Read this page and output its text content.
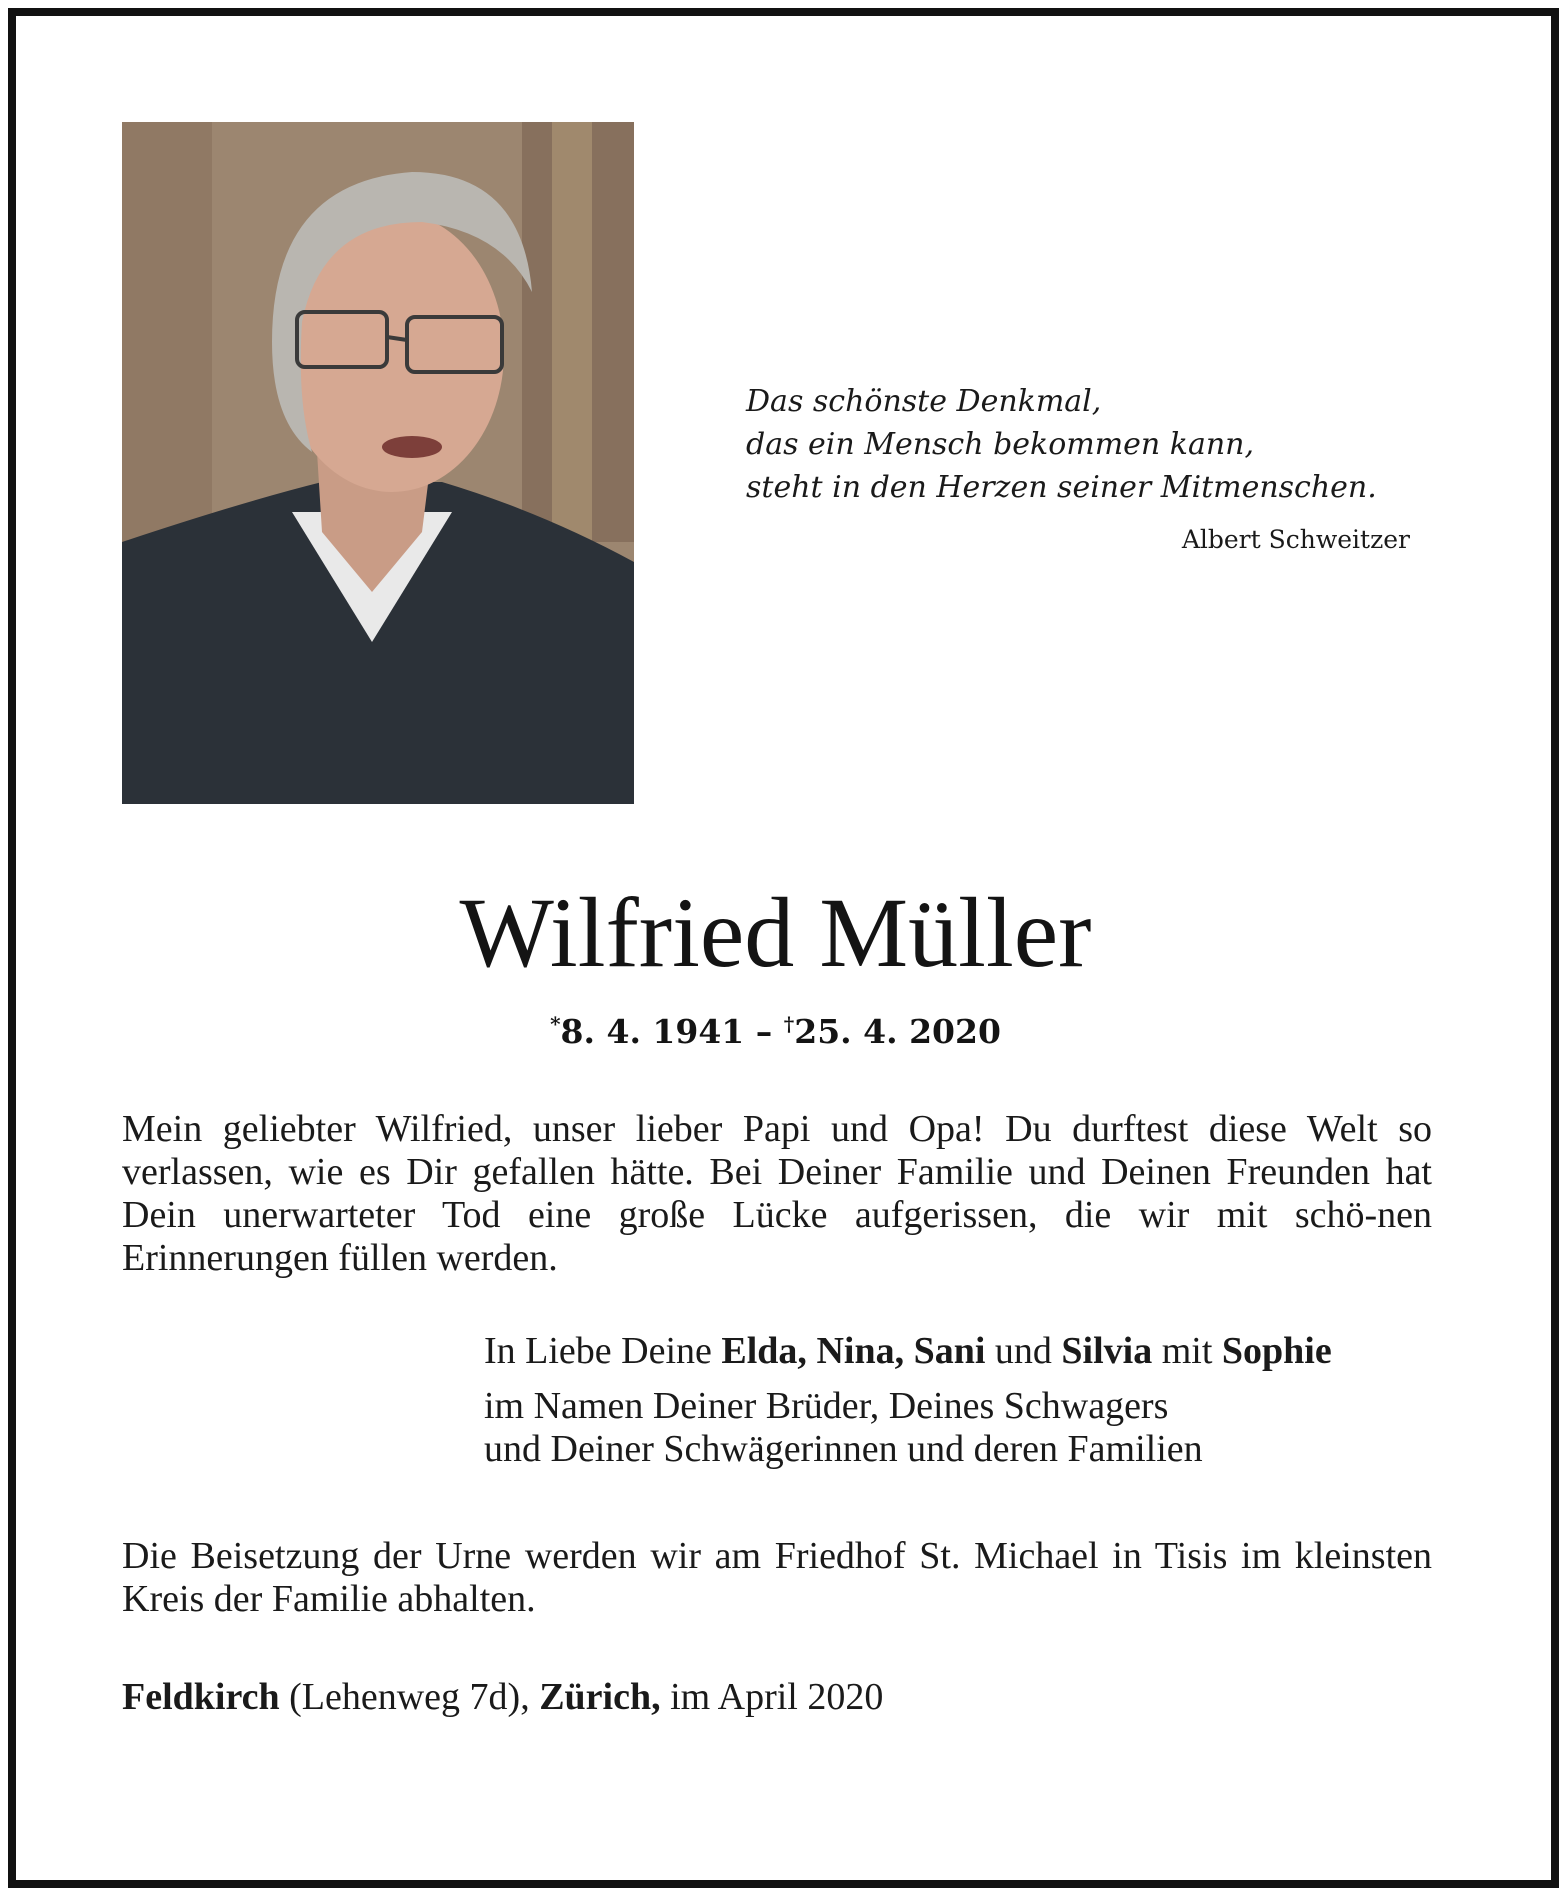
Das schönste Denkmal,
das ein Mensch bekommen kann,
steht in den Herzen seiner Mitmenschen.
Albert Schweitzer
Wilfried Müller
*8. 4. 1941 – †25. 4. 2020
Mein geliebter Wilfried, unser lieber Papi und Opa! Du durftest diese Welt so verlassen, wie es Dir gefallen hätte. Bei Deiner Familie und Deinen Freunden hat Dein unerwarteter Tod eine große Lücke aufgerissen, die wir mit schö-nen Erinnerungen füllen werden.
In Liebe Deine Elda, Nina, Sani und Silvia mit Sophie
im Namen Deiner Brüder, Deines Schwagers
und Deiner Schwägerinnen und deren Familien
Die Beisetzung der Urne werden wir am Friedhof St. Michael in Tisis im kleinsten Kreis der Familie abhalten.
Feldkirch (Lehenweg 7d), Zürich, im April 2020
